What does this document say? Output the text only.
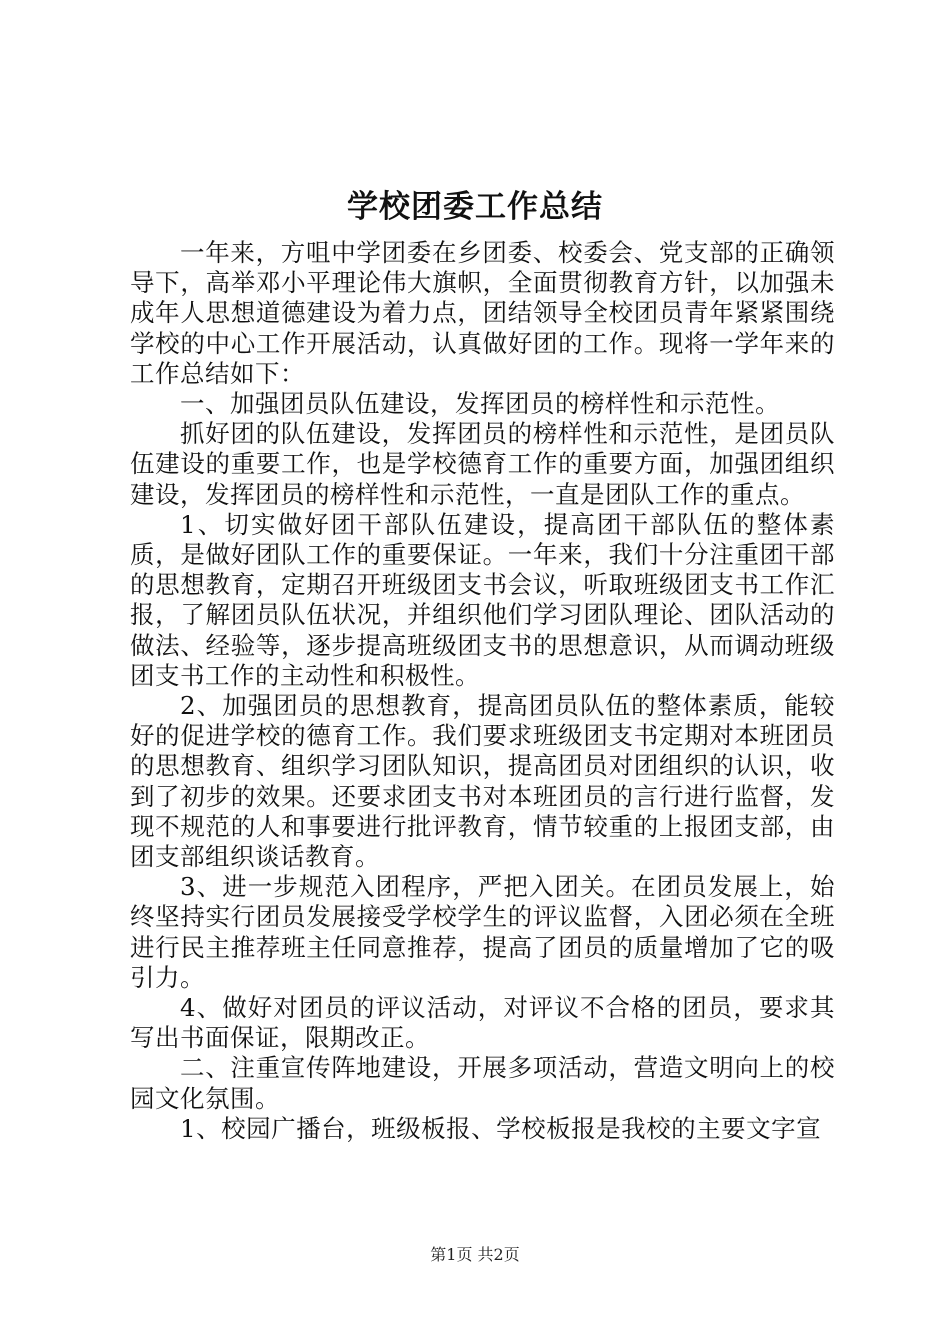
学校团委工作总结

一年来，方咀中学团委在乡团委、校委会、党支部的正确领导下，高举邓小平理论伟大旗帜，全面贯彻教育方针，以加强未成年人思想道德建设为着力点，团结领导全校团员青年紧紧围绕学校的中心工作开展活动，认真做好团的工作。现将一学年来的工作总结如下：

一、加强团员队伍建设，发挥团员的榜样性和示范性。

抓好团的队伍建设，发挥团员的榜样性和示范性，是团员队伍建设的重要工作，也是学校德育工作的重要方面，加强团组织建设，发挥团员的榜样性和示范性，一直是团队工作的重点。

1、切实做好团干部队伍建设，提高团干部队伍的整体素质，是做好团队工作的重要保证。一年来，我们十分注重团干部的思想教育，定期召开班级团支书会议，听取班级团支书工作汇报，了解团员队伍状况，并组织他们学习团队理论、团队活动的做法、经验等，逐步提高班级团支书的思想意识，从而调动班级团支书工作的主动性和积极性。

2、加强团员的思想教育，提高团员队伍的整体素质，能较好的促进学校的德育工作。我们要求班级团支书定期对本班团员的思想教育、组织学习团队知识，提高团员对团组织的认识，收到了初步的效果。还要求团支书对本班团员的言行进行监督，发现不规范的人和事要进行批评教育，情节较重的上报团支部，由团支部组织谈话教育。

3、进一步规范入团程序，严把入团关。在团员发展上，始终坚持实行团员发展接受学校学生的评议监督，入团必须在全班进行民主推荐班主任同意推荐，提高了团员的质量增加了它的吸引力。

4、做好对团员的评议活动，对评议不合格的团员，要求其写出书面保证，限期改正。

二、注重宣传阵地建设，开展多项活动，营造文明向上的校园文化氛围。

1、校园广播台，班级板报、学校板报是我校的主要文字宣

第1页 共2页
